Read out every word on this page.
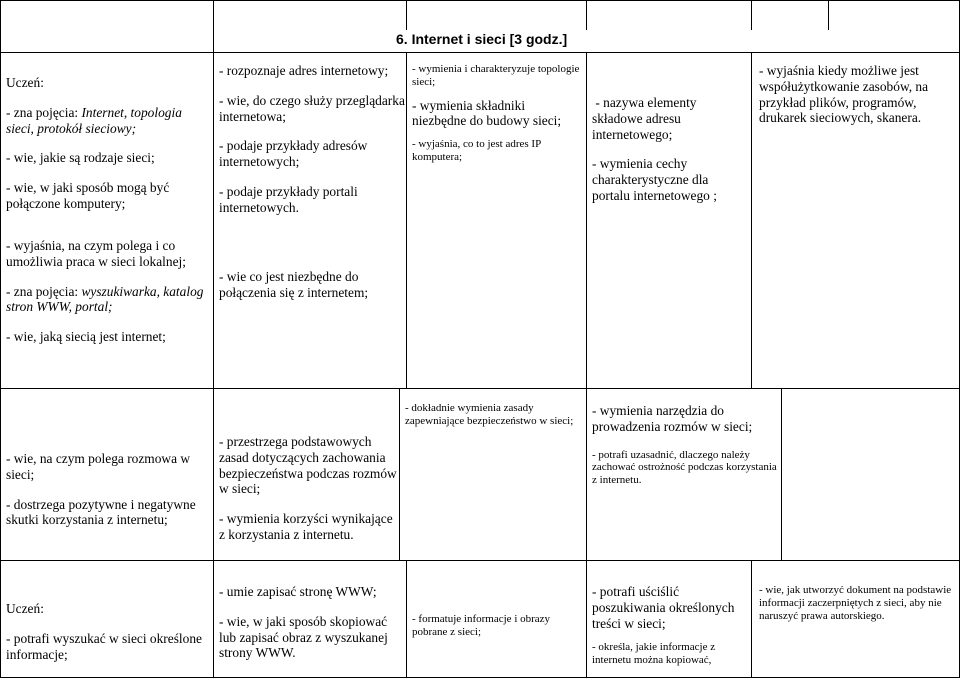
6. Internet i sieci [3 godz.]

Uczeń:

- zna pojęcia: Internet, topologia sieci, protokół sieciowy;

- wie, jakie są rodzaje sieci;

- wie, w jaki sposób mogą być połączone komputery;

- wyjaśnia, na czym polega i co umożliwia praca w sieci lokalnej;

- zna pojęcia: wyszukiwarka, katalog stron WWW, portal;

- wie, jaką siecią jest internet;

- rozpoznaje adres internetowy;

- wie, do czego służy przeglądarka internetowa;

- podaje przykłady adresów internetowych;

- podaje przykłady portali internetowych.

- wie co jest niezbędne do połączenia się z internetem;

- wymienia i charakteryzuje topologie sieci;

- wymienia składniki niezbędne do budowy sieci;

- wyjaśnia, co to jest adres IP komputera;

- nazywa elementy składowe adresu internetowego;

- wymienia cechy charakterystyczne dla portalu internetowego ;

- wyjaśnia kiedy możliwe jest współużytkowanie zasobów, na przykład plików, programów, drukarek sieciowych, skanera.

- wie, na czym polega rozmowa w sieci;

- dostrzega pozytywne i negatywne skutki korzystania z internetu;

- przestrzega podstawowych zasad dotyczących zachowania bezpieczeństwa podczas rozmów w sieci;

- wymienia korzyści wynikające z korzystania z internetu.

- dokładnie wymienia zasady zapewniające bezpieczeństwo w sieci;

- wymienia narzędzia do prowadzenia rozmów w sieci;

- potrafi uzasadnić, dlaczego należy zachować ostrożność podczas korzystania z internetu.

Uczeń:

- potrafi wyszukać w sieci określone informacje;

- umie zapisać stronę WWW;

- wie, w jaki sposób skopiować lub zapisać obraz z wyszukanej strony WWW.

- formatuje informacje i obrazy pobrane z sieci;

- potrafi uściślić poszukiwania określonych treści w sieci;

- określa, jakie informacje z internetu można kopiować,

- wie, jak utworzyć dokument na podstawie informacji zaczerpniętych z sieci, aby nie naruszyć prawa autorskiego.
